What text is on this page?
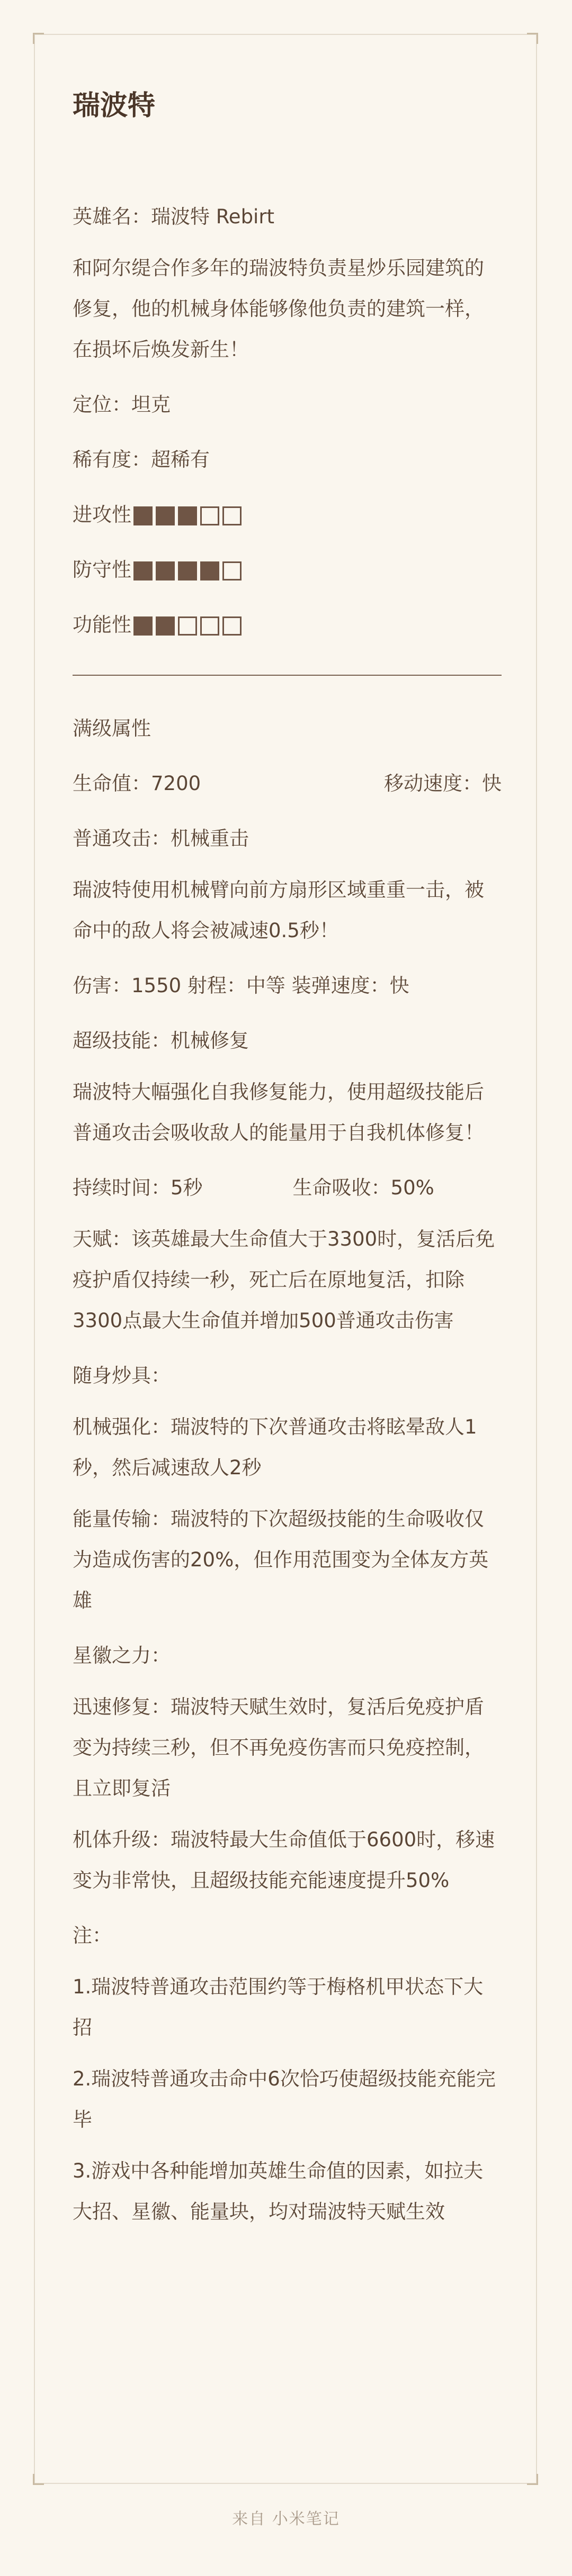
瑞波特
英雄名：瑞波特 Rebirt
和阿尔缇合作多年的瑞波特负责星炒乐园建筑的修复，他的机械身体能够像他负责的建筑一样，在损坏后焕发新生！
定位：坦克
稀有度：超稀有
进攻性
防守性
功能性
满级属性
生命值：7200	移动速度：快
普通攻击：机械重击
瑞波特使用机械臂向前方扇形区域重重一击，被命中的敌人将会被减速0.5秒！
伤害：1550 射程：中等 装弹速度：快
超级技能：机械修复
瑞波特大幅强化自我修复能力，使用超级技能后普通攻击会吸收敌人的能量用于自我机体修复！
持续时间：5秒	生命吸收：50%
天赋：该英雄最大生命值大于3300时，复活后免疫护盾仅持续一秒，死亡后在原地复活，扣除3300点最大生命值并增加500普通攻击伤害
随身炒具：
机械强化：瑞波特的下次普通攻击将眩晕敌人1秒，然后减速敌人2秒
能量传输：瑞波特的下次超级技能的生命吸收仅为造成伤害的20%，但作用范围变为全体友方英雄
星徽之力：
迅速修复：瑞波特天赋生效时，复活后免疫护盾变为持续三秒，但不再免疫伤害而只免疫控制，且立即复活
机体升级：瑞波特最大生命值低于6600时，移速变为非常快，且超级技能充能速度提升50%
注：
1.瑞波特普通攻击范围约等于梅格机甲状态下大招
2.瑞波特普通攻击命中6次恰巧使超级技能充能完毕
3.游戏中各种能增加英雄生命值的因素，如拉夫大招、星徽、能量块，均对瑞波特天赋生效
来自 小米笔记
